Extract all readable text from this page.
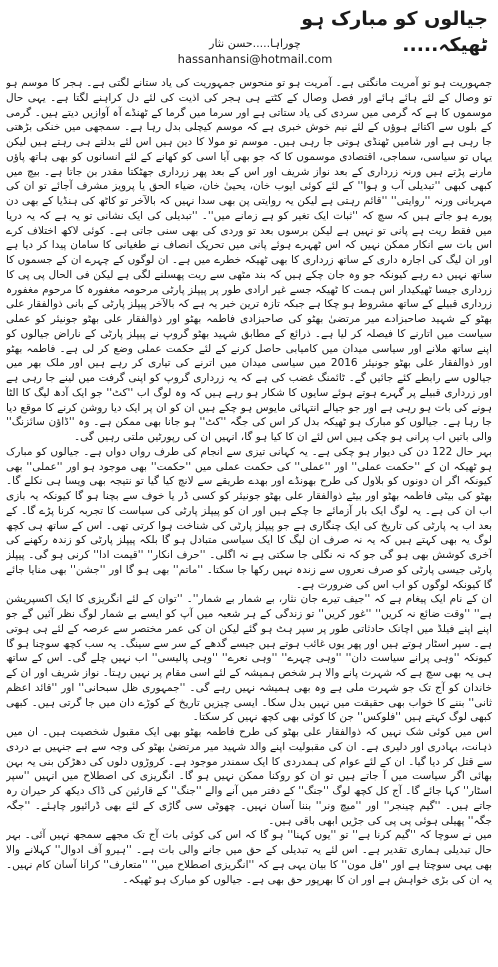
جیالوں کو مبارک ہو ٹھیکہ.....
چوراہا.....حسن نثار
hassanhansi@hotmail.com

جمہوریت ہو تو آمریت مانگتی ہے۔ آمریت ہو تو منحوس جمہوریت کی یاد ستانے لگتی ہے۔ ہجر کا موسم ہو تو وصال کے لئے ہائے ہائے اور فصل وصال کے کٹتے ہی ہجر کی اذیت کی لئے دل کراہنے لگتا ہے۔ یہی حال موسموں کا ہے کہ گرمی میں سردی کی یاد ستاتی ہے اور سرما میں گرما کے ٹھنڈے آہ آوازیں دیتے ہیں۔ گرمی کے بلوں سے اکتائے ہوؤں کے لئے نیم خوش خبری ہے کہ موسم کیچلی بدل رہا ہے۔ سمجھی میں خنکی بڑھتی جا رہی ہے اور شامیں ٹھنڈی ہوتی جا رہی ہیں۔ موسم تو مولا کا دین ہیں اس لئے بدلتے ہی رہتے ہیں لیکن یہاں تو سیاسی، سماجی، اقتصادی موسموں کا کہ جو بھی آیا اسی کو کھانے کے لئے انسانوں کو بھی ہاتھ پاؤں مارنے پڑتے ہیں ورنہ زرداری کے بعد نواز شریف اور اس کے بعد پھر زرداری جھٹکتا مقدر بن جاتا ہے۔ بیچ میں کبھی کبھی ''تبدیلی آب و ہوا'' کے لئے کوئی ایوب خان، یحییٰ خان، ضیاء الحق یا پرویز مشرف آجائے تو ان کی مہربانی ورنہ ''روایتی'' ''قائم رہتی ہے لیکن یہ روایتی پن بھی سدا نہیں کہ بالآخر تو کاٹھ کی ہنڈیا کے بھی دن پورے ہو جاتے ہیں کہ سچ کہ ''ثبات ایک تغیر کو ہے زمانے میں''۔ ''تبدیلی کی ایک نشانی تو یہ ہے کہ یہ دریا میں فقط ریت ہے پانی تو نہیں ہے لیکن برسوں بعد تو وردی کی بھی سنی جاتی ہے۔ کوئی لاکھ اختلاف کرے اس بات سے انکار ممکن نہیں کہ اس ٹھہرے ہوئے پانی میں تحریک انصاف نے طغیانی کا سامان پیدا کر دیا ہے اور ان لیگ کی اجارہ داری کے ساتھ زرداری کا بھی ٹھیکہ خطرے میں ہے۔ ان لوگوں کے چہرے ان کے جسموں کا ساتھ نہیں دے رہے کیونکہ جو وہ جان چکے ہیں کہ بند مٹھی سے ریت پھسلنے لگی ہے لیکن فی الحال پی پی کا زرداری جیسا ٹھیکیدار اس ہمت کا ٹھیکہ جسے غیر ارادی طور پر پیپلز پارٹی مرحومہ مغفورہ کا مرحوم مغفورہ زرداری قبیلے کے ساتھ مشروط ہو چکا ہے جبکہ تازہ ترین خبر یہ ہے کہ بالآخر پیپلز پارٹی کے بانی ذوالفقار علی بھٹو کے شہید صاحبزادے میر مرتضیٰ بھٹو کی صاحبزادی فاطمہ بھٹو اور ذوالفقار علی بھٹو جونیئر کو عملی سیاست میں اتارنے کا فیصلہ کر لیا ہے۔ ذرائع کے مطابق شہید بھٹو گروپ نے پیپلز پارٹی کے ناراض جیالوں کو اپنے ساتھ ملانے اور سیاسی میدان میں کامیابی حاصل کرنے کے لئے حکمت عملی وضع کر لی ہے۔ فاطمہ بھٹو اور ذوالفقار علی بھٹو جونیئر 2016 میں سیاسی میدان میں اترنے کی تیاری کر رہے ہیں اور ملک بھر میں جیالوں سے رابطے کئے جائیں گے۔ ٹائمنگ غضب کی ہے کہ یہ زرداری گروپ کو اپنی گرفت میں لینے جا رہی ہے اور زرداری قبیلے پر گہرے ہوتے ہوئے سایوں کا شکار ہو رہے ہیں کہ وہ لوگ اب ''کٹ'' جو ایک آدھ لیگ کا الٹا ہونے کی بات ہو رہی ہے اور جو جیالے انتہائی مایوس ہو چکے ہیں ان کو ان پر ایک دیا روشن کرنے کا موقع دیا جا رہا ہے۔ جیالوں کو مبارک ہو ٹھیکہ بدل کر اس کی جگہ ''کٹ'' ہو جانا بھی ممکن ہے۔ وہ ''ڈاؤن سائزنگ'' والی باتیں اب پرانی ہو چکی ہیں اس لئے ان کا کیا ہو گا، انہیں ان کی رپورٹیں ملتی رہیں گی۔

بہر حال 122 دن کی دیوار ہو چکی ہے۔ یہ کہانی تیزی سے انجام کی طرف رواں دواں ہے۔ جیالوں کو مبارک ہو ٹھیکہ ان کے ''حکمت عملی'' اور ''عملی'' کی حکمت عملی میں ''حکمت'' بھی موجود ہو اور ''عملی'' بھی کیونکہ اگر ان دونوں کو بلاول کی طرح بھونڈے اور بھدے طریقے سے لانچ کیا گیا تو نتیجہ بھی ویسا ہی نکلے گا۔ بھٹو کی بیٹی فاطمہ بھٹو اور بیٹے ذوالفقار علی بھٹو جونیئر کو کسی ڈر یا خوف سے بچنا ہو گا کیونکہ یہ بازی اب ان کی ہے۔ یہ لوگ ایک بار آزمائے جا چکے ہیں اور ان کو پیپلز پارٹی کی سیاست کا تجربہ کرنا پڑے گا۔ کے بعد اب یہ پارٹی کی تاریخ کی ایک چنگاری ہے جو پیپلز پارٹی کی شناخت ہوا کرتی تھی۔ اس کے ساتھ ہی کچھ لوگ یہ بھی کہتے ہیں کہ یہ نہ صرف ان لیگ کا ایک سیاسی متبادل ہو گا بلکہ پیپلز پارٹی کو زندہ رکھنے کی آخری کوشش بھی ہو گی جو کہ نہ نگلی جا سکتی ہے نہ اگلی۔ ''حرف انکار'' ''قیمت ادا'' کرنی ہو گی۔ پیپلز پارٹی جیسی پارٹی کو صرف نعروں سے زندہ نہیں رکھا جا سکتا۔ ''ماتم'' بھی ہو گا اور ''جشن'' بھی منایا جائے گا کیونکہ لوگوں کو اب اس کی ضرورت ہے۔

ان کے نام ایک پیغام ہے کہ ''جیف تیرے جان نثار، بے شمار بے شمار''۔ ''توان کے لئے انگریزی کا ایک اکسپریشن ہے'' ''وقت ضائع نہ کریں'' ''غور کریں'' تو زندگی کے ہر شعبہ میں آپ کو ایسے بے شمار لوگ نظر آئیں گے جو اپنے اپنے فیلڈ میں اچانک حادثاتی طور پر سپر ہٹ ہو گئے لیکن ان کی عمر مختصر سے عرصہ کے لئے ہی ہوتی ہے۔ سپر اسٹار ہوتے ہیں اور پھر یوں غائب ہوتے ہیں جیسے گدھے کے سر سے سینگ۔ یہ سب کچھ سوچنا ہو گا کیونکہ ''وہی پرانے سیاست دان'' ''وہی چہرے'' ''وہی نعرے'' ''وہی پالیسی'' اب نہیں چلے گی۔ اس کے ساتھ ہی یہ بھی سچ ہے کہ شہرت پانے والا ہر شخص ہمیشہ کے لئے اسی مقام پر نہیں رہتا۔ نواز شریف اور ان کے خاندان کو آج تک جو شہرت ملی ہے وہ بھی ہمیشہ نہیں رہے گی۔ ''جمہوری ظل سبحانی'' اور ''قائد اعظم ثانی'' بننے کا خواب بھی حقیقت میں نہیں بدل سکا۔ ایسی چیزیں تاریخ کے کوڑے دان میں جا گرتی ہیں۔ کبھی کبھی لوگ کہتے ہیں ''فلوکس'' جن کا کوئی بھی کچھ نہیں کر سکتا۔

اس میں کوئی شک نہیں کہ ذوالفقار علی بھٹو کی طرح فاطمہ بھٹو بھی ایک مقبول شخصیت ہیں۔ ان میں ذہانت، بہادری اور دلیری ہے۔ ان کی مقبولیت اپنے والد شہید میر مرتضیٰ بھٹو کی وجہ سے ہے جنہیں بے دردی سے قتل کر دیا گیا۔ ان کے لئے عوام کی ہمدردی کا ایک سمندر موجود ہے۔ کروڑوں دلوں کی دھڑکن بنی یہ بہن بھائی اگر سیاست میں آ جاتے ہیں تو ان کو روکنا ممکن نہیں ہو گا۔ انگریزی کی اصطلاح میں انہیں ''سپر اسٹار'' کہا جائے گا۔ آج کل کچھ لوگ ''جنگ'' کے دفتر میں آنے والے ''جنگ'' کے قارئین کی ڈاک دیکھ کر حیران رہ جاتے ہیں۔ ''گیم چینجر'' اور ''میچ ونر'' بننا آسان نہیں۔ چھوٹی سی گاڑی کے لئے بھی ڈرائیور چاہئے۔ ''جگہ جگہ'' پھیلی ہوئی پی پی کی جڑیں ابھی باقی ہیں۔

میں نے سوچا کہ ''گیم کرنا ہے'' تو ''یوں کہنا'' ہو گا کہ اس کی کوئی بات آج تک مجھے سمجھ نہیں آئی۔ بہر حال تبدیلی ہماری تقدیر ہے۔ اس لئے یہ تبدیلی کے حق میں جانے والی بات ہے۔ ''ہیرو آف ادوال'' کہلانے والا بھی یہی سوچتا ہے اور ''فل مون'' کا بیان یہی ہے کہ ''انگریزی اصطلاح میں'' ''متعارف'' کرانا آسان کام نہیں۔ یہ ان کی بڑی خواہش ہے اور ان کا بھرپور حق بھی ہے۔ جیالوں کو مبارک ہو ٹھیکہ۔
